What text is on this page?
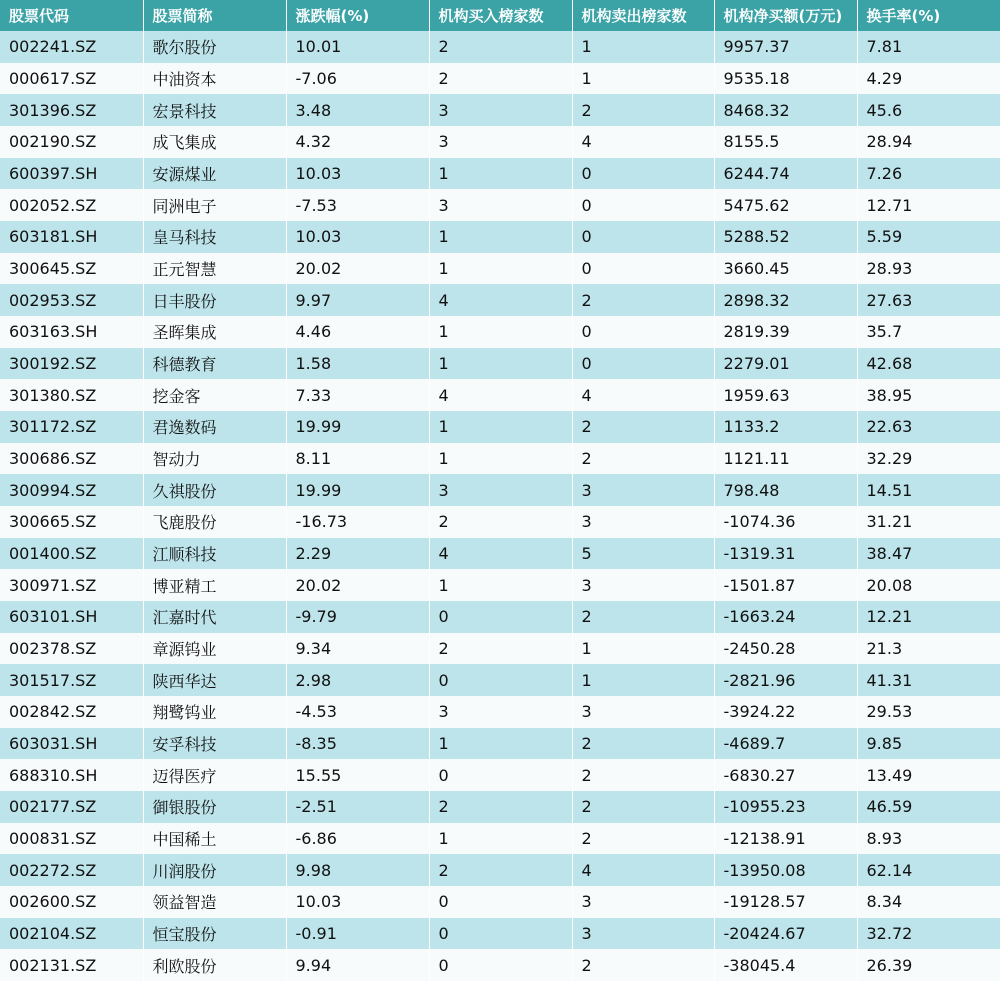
股票代码	股票简称	涨跌幅(%)	机构买入榜家数	机构卖出榜家数	机构净买额(万元)	换手率(%)
002241.SZ	歌尔股份	10.01	2	1	9957.37	7.81
000617.SZ	中油资本	-7.06	2	1	9535.18	4.29
301396.SZ	宏景科技	3.48	3	2	8468.32	45.6
002190.SZ	成飞集成	4.32	3	4	8155.5	28.94
600397.SH	安源煤业	10.03	1	0	6244.74	7.26
002052.SZ	同洲电子	-7.53	3	0	5475.62	12.71
603181.SH	皇马科技	10.03	1	0	5288.52	5.59
300645.SZ	正元智慧	20.02	1	0	3660.45	28.93
002953.SZ	日丰股份	9.97	4	2	2898.32	27.63
603163.SH	圣晖集成	4.46	1	0	2819.39	35.7
300192.SZ	科德教育	1.58	1	0	2279.01	42.68
301380.SZ	挖金客	7.33	4	4	1959.63	38.95
301172.SZ	君逸数码	19.99	1	2	1133.2	22.63
300686.SZ	智动力	8.11	1	2	1121.11	32.29
300994.SZ	久祺股份	19.99	3	3	798.48	14.51
300665.SZ	飞鹿股份	-16.73	2	3	-1074.36	31.21
001400.SZ	江顺科技	2.29	4	5	-1319.31	38.47
300971.SZ	博亚精工	20.02	1	3	-1501.87	20.08
603101.SH	汇嘉时代	-9.79	0	2	-1663.24	12.21
002378.SZ	章源钨业	9.34	2	1	-2450.28	21.3
301517.SZ	陕西华达	2.98	0	1	-2821.96	41.31
002842.SZ	翔鹭钨业	-4.53	3	3	-3924.22	29.53
603031.SH	安孚科技	-8.35	1	2	-4689.7	9.85
688310.SH	迈得医疗	15.55	0	2	-6830.27	13.49
002177.SZ	御银股份	-2.51	2	2	-10955.23	46.59
000831.SZ	中国稀土	-6.86	1	2	-12138.91	8.93
002272.SZ	川润股份	9.98	2	4	-13950.08	62.14
002600.SZ	领益智造	10.03	0	3	-19128.57	8.34
002104.SZ	恒宝股份	-0.91	0	3	-20424.67	32.72
002131.SZ	利欧股份	9.94	0	2	-38045.4	26.39
